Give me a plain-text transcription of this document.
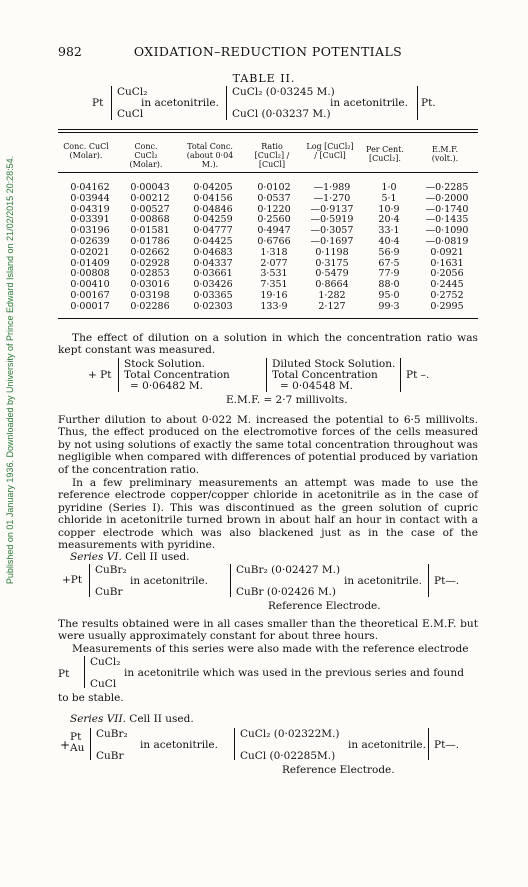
Published on 01 January 1936. Downloaded by University of Prince Edward Island on 21/02/2015 20:28:54.
982	OXIDATION–REDUCTION POTENTIALS
TABLE II.
Pt
CuCl₂
in acetonitrile.
CuCl
CuCl₂ (0·03245 M.)
in acetonitrile.
CuCl (0·03237 M.)
Pt.
Conc. CuCl (Molar).
Conc. CuCl₂ (Molar).
Total Conc. (about 0·04 M.).
Ratio [CuCl₂] / [CuCl]
Log [CuCl₂] / [CuCl]
Per Cent. [CuCl₂].
E.M.F. (volt.).
0·04162	0·00043	0·04205	0·0102	—1·989	1·0	—0·2285
0·03944	0·00212	0·04156	0·0537	—1·270	5·1	—0·2000
0·04319	0·00527	0·04846	0·1220	—0·9137	10·9	—0·1740
0·03391	0·00868	0·04259	0·2560	—0·5919	20·4	—0·1435
0·03196	0·01581	0·04777	0·4947	—0·3057	33·1	—0·1090
0·02639	0·01786	0·04425	0·6766	—0·1697	40·4	—0·0819
0·02021	0·02662	0·04683	1·318	0·1198	56·9	0·0921
0·01409	0·02928	0·04337	2·077	0·3175	67·5	0·1631
0·00808	0·02853	0·03661	3·531	0·5479	77·9	0·2056
0·00410	0·03016	0·03426	7·351	0·8664	88·0	0·2445
0·00167	0·03198	0·03365	19·16	1·282	95·0	0·2752
0·00017	0·02286	0·02303	133·9	2·127	99·3	0·2995
The effect of dilution on a solution in which the concentration ratio was kept constant was measured.
+ Pt
Stock Solution.
Total Concentration
= 0·06482 M.
Diluted Stock Solution.
Total Concentration
= 0·04548 M.
Pt –.
E.M.F. = 2·7 millivolts.
Further dilution to about 0·022 M. increased the potential to 6·5 millivolts. Thus, the effect produced on the electromotive forces of the cells measured by not using solutions of exactly the same total concentration throughout was negligible when compared with differences of potential produced by variation of the concentration ratio.
In a few preliminary measurements an attempt was made to use the reference electrode copper/copper chloride in acetonitrile as in the case of pyridine (Series I). This was discontinued as the green solution of cupric chloride in acetonitrile turned brown in about half an hour in contact with a copper electrode which was also blackened just as in the case of the measurements with pyridine.
Series VI. Cell II used.
+Pt
CuBr₂
in acetonitrile.
CuBr
CuBr₂ (0·02427 M.)
in acetonitrile.
CuBr (0·02426 M.)
Pt—.
Reference Electrode.
The results obtained were in all cases smaller than the theoretical E.M.F. but were usually approximately constant for about three hours.
Measurements of this series were also made with the reference electrode
Pt
CuCl₂
in acetonitrile which was used in the previous series and found
CuCl
to be stable.
Series VII. Cell II used.
+
Pt
Au
CuBr₂
in acetonitrile.
CuBr
CuCl₂ (0·02322M.)
in acetonitrile.
CuCl (0·02285M.)
Pt—.
Reference Electrode.
